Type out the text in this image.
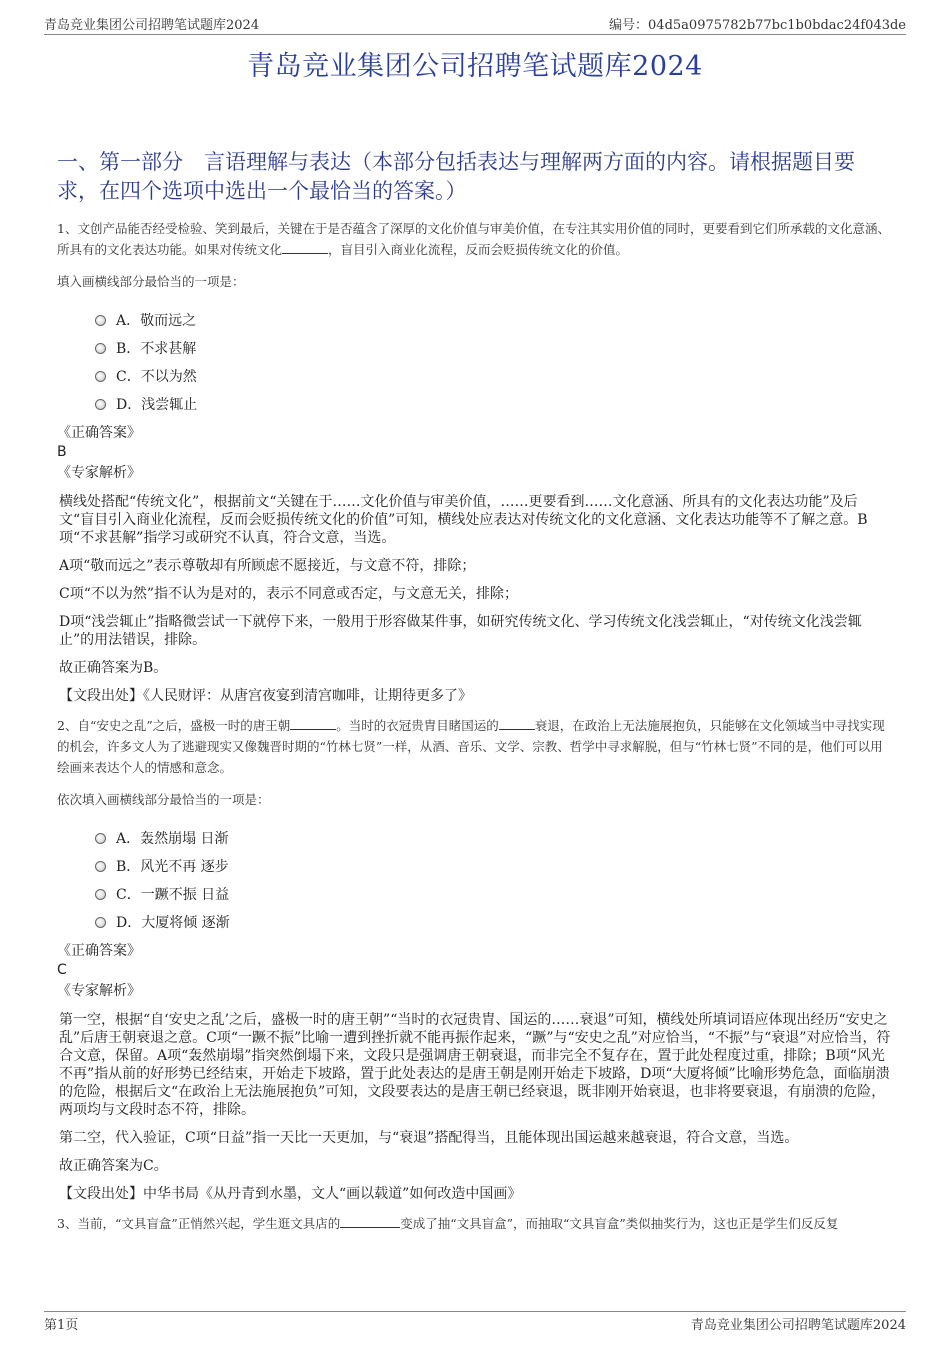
青岛竞业集团公司招聘笔试题库2024	编号：04d5a0975782b77bc1b0bdac24f043de
青岛竞业集团公司招聘笔试题库2024
一、第一部分　言语理解与表达（本部分包括表达与理解两方面的内容。请根据题目要求，在四个选项中选出一个最恰当的答案。）

1、文创产品能否经受检验、笑到最后，关键在于是否蕴含了深厚的文化价值与审美价值，在专注其实用价值的同时，更要看到它们所承载的文化意涵、所具有的文化表达功能。如果对传统文化	，盲目引入商业化流程，反而会贬损传统文化的价值。

填入画横线部分最恰当的一项是：

A．敬而远之
B．不求甚解
C．不以为然
D．浅尝辄止
《正确答案》
B
《专家解析》
横线处搭配“传统文化”，根据前文“关键在于……文化价值与审美价值，……更要看到……文化意涵、所具有的文化表达功能”及后文“盲目引入商业化流程，反而会贬损传统文化的价值”可知，横线处应表达对传统文化的文化意涵、文化表达功能等不了解之意。B项“不求甚解”指学习或研究不认真，符合文意，当选。
A项“敬而远之”表示尊敬却有所顾虑不愿接近，与文意不符，排除；
C项“不以为然”指不认为是对的，表示不同意或否定，与文意无关，排除；
D项“浅尝辄止”指略微尝试一下就停下来，一般用于形容做某件事，如研究传统文化、学习传统文化浅尝辄止，“对传统文化浅尝辄止”的用法错误，排除。
故正确答案为B。
【文段出处】《人民财评：从唐宫夜宴到清宫咖啡，让期待更多了》

2、自“安史之乱”之后，盛极一时的唐王朝	。当时的衣冠贵胄目睹国运的	衰退，在政治上无法施展抱负，只能够在文化领域当中寻找实现的机会，许多文人为了逃避现实又像魏晋时期的“竹林七贤”一样，从酒、音乐、文学、宗教、哲学中寻求解脱，但与“竹林七贤”不同的是，他们可以用绘画来表达个人的情感和意念。

依次填入画横线部分最恰当的一项是：

A．轰然崩塌 日渐
B．风光不再 逐步
C．一蹶不振 日益
D．大厦将倾 逐渐
《正确答案》
C
《专家解析》
第一空，根据“自‘安史之乱’之后，盛极一时的唐王朝”“当时的衣冠贵胄、国运的……衰退”可知，横线处所填词语应体现出经历“安史之乱”后唐王朝衰退之意。C项“一蹶不振”比喻一遭到挫折就不能再振作起来，“蹶”与“安史之乱”对应恰当，“不振”与“衰退”对应恰当，符合文意，保留。A项“轰然崩塌”指突然倒塌下来，文段只是强调唐王朝衰退，而非完全不复存在，置于此处程度过重，排除；B项“风光不再”指从前的好形势已经结束，开始走下坡路，置于此处表达的是唐王朝是刚开始走下坡路，D项“大厦将倾”比喻形势危急，面临崩溃的危险，根据后文“在政治上无法施展抱负”可知，文段要表达的是唐王朝已经衰退，既非刚开始衰退，也非将要衰退，有崩溃的危险，两项均与文段时态不符，排除。
第二空，代入验证，C项“日益”指一天比一天更加，与“衰退”搭配得当，且能体现出国运越来越衰退，符合文意，当选。
故正确答案为C。
【文段出处】中华书局《从丹青到水墨，文人“画以载道”如何改造中国画》

3、当前，“文具盲盒”正悄然兴起，学生逛文具店的	变成了抽“文具盲盒”，而抽取“文具盲盒”类似抽奖行为，这也正是学生们反反复

第1页	青岛竞业集团公司招聘笔试题库2024
